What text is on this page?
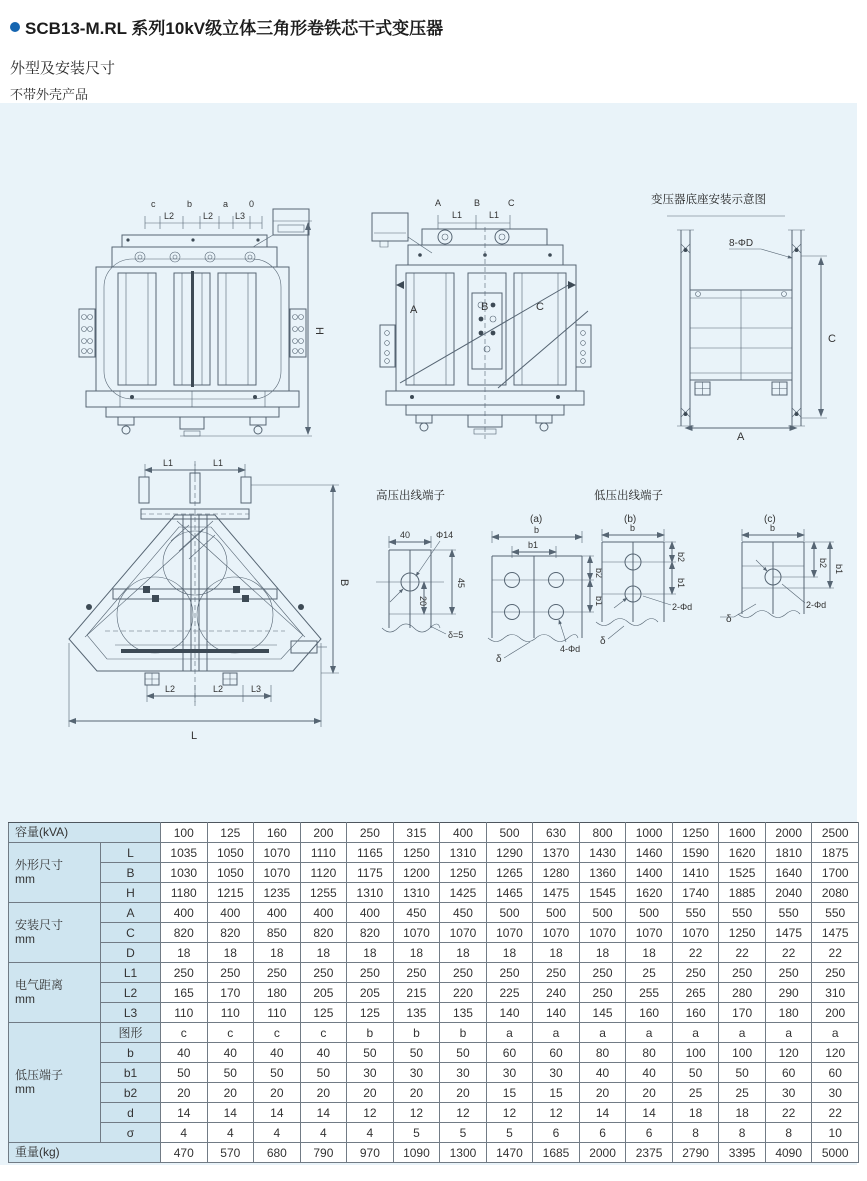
SCB13-M.RL 系列10kV级立体三角形卷铁芯干式变压器
外型及安装尺寸
不带外壳产品
c	b	a 0
L2	L2 L3
H
A	B	C
L1	L1
A	B	C
变压器底座安装示意图
8-ΦD
C
A
L1	L1
B
L2	L2	L3
L
高压出线端子
40	Φ14
45
20
δ=5
(a)
b
b1
b2
b1
4-Φd
δ
低压出线端子
(b)
b
b2
b1
2-Φd
δ
(c)
b
b2
b1
2-Φd
δ
容量(kVA)		100	125	160	200	250	315	400	500	630	800	1000	1250	1600	2000	2500
外形尺寸
mm	L	1035	1050	1070	1110	1165	1250	1310	1290	1370	1430	1460	1590	1620	1810	1875
	B	1030	1050	1070	1120	1175	1200	1250	1265	1280	1360	1400	1410	1525	1640	1700
	H	1180	1215	1235	1255	1310	1310	1425	1465	1475	1545	1620	1740	1885	2040	2080
安装尺寸
mm	A	400	400	400	400	400	450	450	500	500	500	500	550	550	550	550
	C	820	820	850	820	820	1070	1070	1070	1070	1070	1070	1070	1250	1475	1475
	D	18	18	18	18	18	18	18	18	18	18	18	22	22	22	22
电气距离
mm	L1	250	250	250	250	250	250	250	250	250	250	25	250	250	250	250
	L2	165	170	180	205	205	215	220	225	240	250	255	265	280	290	310
	L3	110	110	110	125	125	135	135	140	140	145	160	160	170	180	200
低压端子
mm	图形	c	c	c	c	b	b	b	a	a	a	a	a	a	a	a
	b	40	40	40	40	50	50	50	60	60	80	80	100	100	120	120
	b1	50	50	50	50	30	30	30	30	30	40	40	50	50	60	60
	b2	20	20	20	20	20	20	20	15	15	20	20	25	25	30	30
	d	14	14	14	14	12	12	12	12	12	14	14	18	18	22	22
	σ	4	4	4	4	4	5	5	5	6	6	6	8	8	8	10
重量(kg)		470	570	680	790	970	1090	1300	1470	1685	2000	2375	2790	3395	4090	5000
